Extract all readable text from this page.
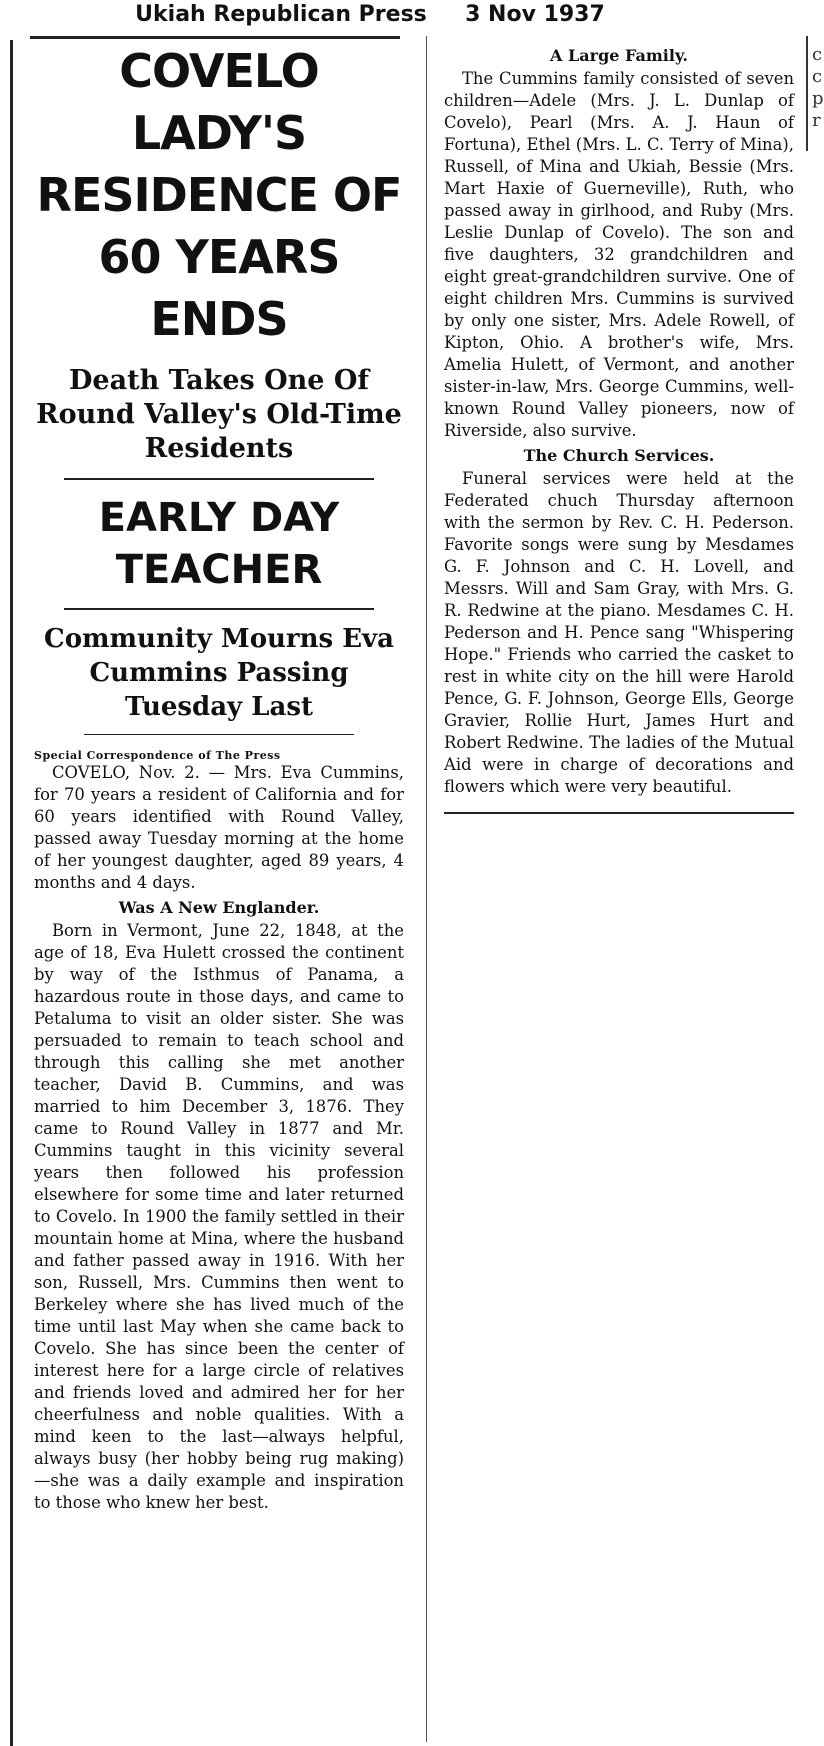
Ukiah Republican Press 3 Nov 1937
c c p r
COVELO LADY'S RESIDENCE OF 60 YEARS ENDS
Death Takes One Of Round Valley's Old-Time Residents
EARLY DAY TEACHER
Community Mourns Eva Cummins Passing Tuesday Last
Special Correspondence of The Press

COVELO, Nov. 2. — Mrs. Eva Cummins, for 70 years a resident of California and for 60 years identified with Round Valley, passed away Tuesday morning at the home of her youngest daughter, aged 89 years, 4 months and 4 days.

Was A New Englander.

Born in Vermont, June 22, 1848, at the age of 18, Eva Hulett crossed the continent by way of the Isthmus of Panama, a hazardous route in those days, and came to Petaluma to visit an older sister. She was persuaded to remain to teach school and through this calling she met another teacher, David B. Cummins, and was married to him December 3, 1876. They came to Round Valley in 1877 and Mr. Cummins taught in this vicinity several years then followed his profession elsewhere for some time and later returned to Covelo. In 1900 the family settled in their mountain home at Mina, where the husband and father passed away in 1916. With her son, Russell, Mrs. Cummins then went to Berkeley where she has lived much of the time until last May when she came back to Covelo. She has since been the center of interest here for a large circle of relatives and friends loved and admired her for her cheerfulness and noble qualities. With a mind keen to the last—always helpful, always busy (her hobby being rug making)—she was a daily example and inspiration to those who knew her best.

A Large Family.

The Cummins family consisted of seven children—Adele (Mrs. J. L. Dunlap of Covelo), Pearl (Mrs. A. J. Haun of Fortuna), Ethel (Mrs. L. C. Terry of Mina), Russell, of Mina and Ukiah, Bessie (Mrs. Mart Haxie of Guerneville), Ruth, who passed away in girlhood, and Ruby (Mrs. Leslie Dunlap of Covelo). The son and five daughters, 32 grandchildren and eight great-grandchildren survive. One of eight children Mrs. Cummins is survived by only one sister, Mrs. Adele Rowell, of Kipton, Ohio. A brother's wife, Mrs. Amelia Hulett, of Vermont, and another sister-in-law, Mrs. George Cummins, well-known Round Valley pioneers, now of Riverside, also survive.

The Church Services.

Funeral services were held at the Federated chuch Thursday afternoon with the sermon by Rev. C. H. Pederson. Favorite songs were sung by Mesdames G. F. Johnson and C. H. Lovell, and Messrs. Will and Sam Gray, with Mrs. G. R. Redwine at the piano. Mesdames C. H. Pederson and H. Pence sang "Whispering Hope." Friends who carried the casket to rest in white city on the hill were Harold Pence, G. F. Johnson, George Ells, George Gravier, Rollie Hurt, James Hurt and Robert Redwine. The ladies of the Mutual Aid were in charge of decorations and flowers which were very beautiful.
